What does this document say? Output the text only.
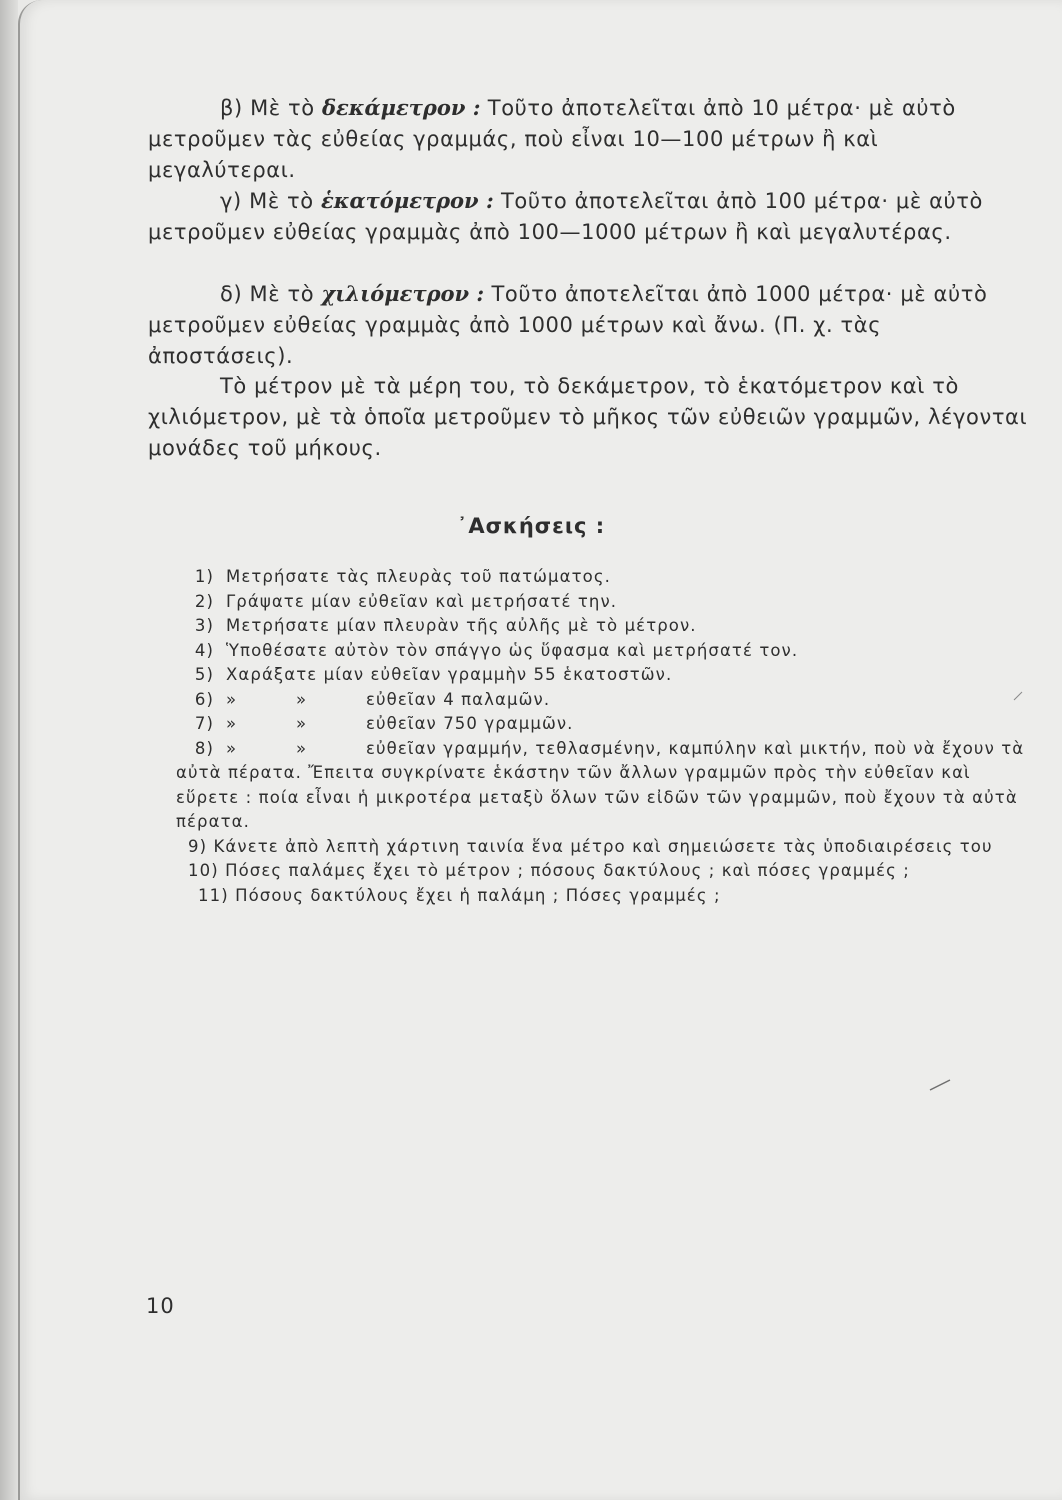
β) Μὲ τὸ δεκάμετρον : Τοῦτο ἀποτελεῖται ἀπὸ 10 μέτρα· μὲ αὐτὸ μετροῦμεν τὰς εὐθείας γραμμάς, ποὺ εἶναι 10—100 μέτρων ἢ καὶ μεγαλύτεραι.

γ) Μὲ τὸ ἑκατόμετρον : Τοῦτο ἀποτελεῖται ἀπὸ 100 μέτρα· μὲ αὐτὸ μετροῦμεν εὐθείας γραμμὰς ἀπὸ 100—1000 μέτρων ἢ καὶ μεγαλυτέρας.

δ) Μὲ τὸ χιλιόμετρον : Τοῦτο ἀποτελεῖται ἀπὸ 1000 μέτρα· μὲ αὐτὸ μετροῦμεν εὐθείας γραμμὰς ἀπὸ 1000 μέτρων καὶ ἄνω. (Π. χ. τὰς ἀποστάσεις).

Τὸ μέτρον μὲ τὰ μέρη του, τὸ δεκάμετρον, τὸ ἑκατόμετρον καὶ τὸ χιλιόμετρον, μὲ τὰ ὁποῖα μετροῦμεν τὸ μῆκος τῶν εὐθειῶν γραμμῶν, λέγονται μονάδες τοῦ μήκους.

᾿Ασκήσεις :
1) Μετρήσατε τὰς πλευρὰς τοῦ πατώματος.
2) Γράψατε μίαν εὐθεῖαν καὶ μετρήσατέ την.
3) Μετρήσατε μίαν πλευρὰν τῆς αὐλῆς μὲ τὸ μέτρον.
4) Ὑποθέσατε αὐτὸν τὸν σπάγγο ὡς ὕφασμα καὶ μετρήσατέ τον.
5) Χαράξατε μίαν εὐθεῖαν γραμμὴν 55 ἑκατοστῶν.
6) »	»	εὐθεῖαν 4 παλαμῶν.
7) »	»	εὐθεῖαν 750 γραμμῶν.
8) »	»	εὐθεῖαν γραμμήν, τεθλασμένην, καμπύλην καὶ μικτήν, ποὺ νὰ ἔχουν τὰ αὐτὰ πέρατα. Ἔπειτα συγκρίνατε ἑκάστην τῶν ἄλλων γραμμῶν πρὸς τὴν εὐθεῖαν καὶ εὕρετε : ποία εἶναι ἡ μικροτέρα μεταξὺ ὅλων τῶν εἰδῶν τῶν γραμμῶν, ποὺ ἔχουν τὰ αὐτὰ πέρατα.
9) Κάνετε ἀπὸ λεπτὴ χάρτινη ταινία ἕνα μέτρο καὶ σημειώσετε τὰς ὑποδιαιρέσεις του
10) Πόσες παλάμες ἔχει τὸ μέτρον ; πόσους δακτύλους ; καὶ πόσες γραμμές ;
11) Πόσους δακτύλους ἔχει ἡ παλάμη ; Πόσες γραμμές ;
10
